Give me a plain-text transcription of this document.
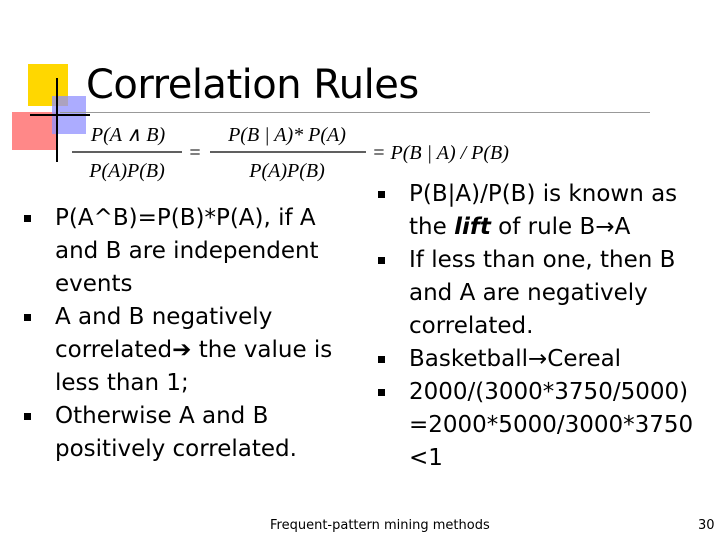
Correlation Rules
P(A ∧ B)
P(A)P(B)
=
P(B | A)* P(A)
P(A)P(B)
= P(B | A) / P(B)
P(A^B)=P(B)*P(A), if A and B are independent events
A and B negatively correlated➔ the value is less than 1;
Otherwise A and B positively correlated.
P(B|A)/P(B) is known as the lift of rule B→A
If less than one, then B and A are negatively correlated.
Basketball→Cereal
2000/(3000*3750/5000)=2000*5000/3000*3750<1
Frequent-pattern mining methods	30
